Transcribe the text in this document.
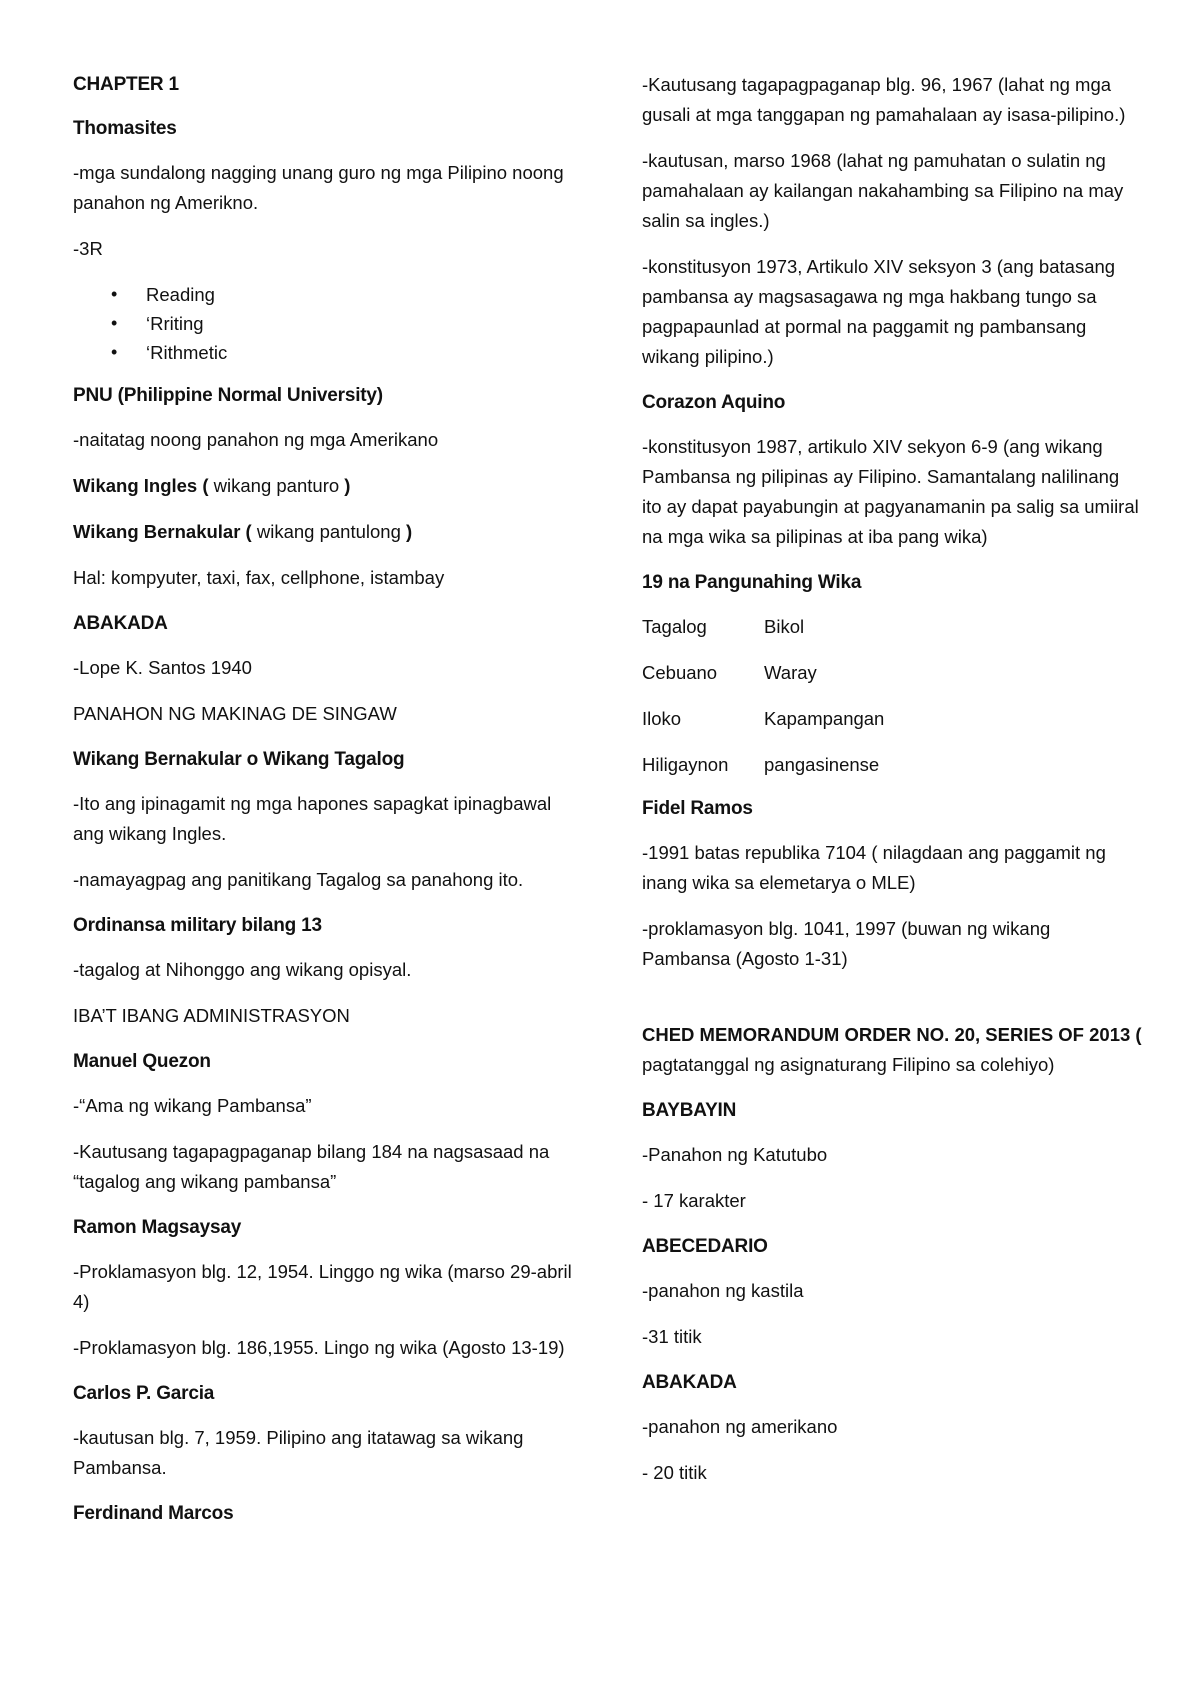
CHAPTER 1
Thomasites

-mga sundalong nagging unang guro ng mga Pilipino noong panahon ng Amerikno.

-3R

• Reading
• ‘Rriting
• ‘Rithmetic
PNU (Philippine Normal University)

-naitatag noong panahon ng mga Amerikano

Wikang Ingles ( wikang panturo )

Wikang Bernakular ( wikang pantulong )

Hal: kompyuter, taxi, fax, cellphone, istambay

ABAKADA

-Lope K. Santos 1940

PANAHON NG MAKINAG DE SINGAW

Wikang Bernakular o Wikang Tagalog

-Ito ang ipinagamit ng mga hapones sapagkat ipinagbawal ang wikang Ingles.

-namayagpag ang panitikang Tagalog sa panahong ito.

Ordinansa military bilang 13

-tagalog at Nihonggo ang wikang opisyal.

IBA’T IBANG ADMINISTRASYON

Manuel Quezon

-“Ama ng wikang Pambansa”

-Kautusang tagapagpaganap bilang 184 na nagsasaad na “tagalog ang wikang pambansa”

Ramon Magsaysay

-Proklamasyon blg. 12, 1954. Linggo ng wika (marso 29-abril 4)

-Proklamasyon blg. 186,1955. Lingo ng wika (Agosto 13-19)

Carlos P. Garcia

-kautusan blg. 7, 1959. Pilipino ang itatawag sa wikang Pambansa.

Ferdinand Marcos

-Kautusang tagapagpaganap blg. 96, 1967 (lahat ng mga gusali at mga tanggapan ng pamahalaan ay isasa-pilipino.)

-kautusan, marso 1968 (lahat ng pamuhatan o sulatin ng pamahalaan ay kailangan nakahambing sa Filipino na may salin sa ingles.)

-konstitusyon 1973, Artikulo XIV seksyon 3 (ang batasang pambansa ay magsasagawa ng mga hakbang tungo sa pagpapaunlad at pormal na paggamit ng pambansang wikang pilipino.)

Corazon Aquino

-konstitusyon 1987, artikulo XIV sekyon 6-9 (ang wikang Pambansa ng pilipinas ay Filipino. Samantalang nalilinang ito ay dapat payabungin at pagyanamanin pa salig sa umiiral na mga wika sa pilipinas at iba pang wika)

19 na Pangunahing Wika
Tagalog	Bikol
Cebuano	Waray
Iloko	Kapampangan
Hiligaynon	pangasinense
Fidel Ramos

-1991 batas republika 7104 ( nilagdaan ang paggamit ng inang wika sa elemetarya o MLE)

-proklamasyon blg. 1041, 1997 (buwan ng wikang Pambansa (Agosto 1-31)

CHED MEMORANDUM ORDER NO. 20, SERIES OF 2013 ( pagtatanggal ng asignaturang Filipino sa colehiyo)

BAYBAYIN

-Panahon ng Katutubo

- 17 karakter

ABECEDARIO

-panahon ng kastila

-31 titik

ABAKADA

-panahon ng amerikano

- 20 titik
